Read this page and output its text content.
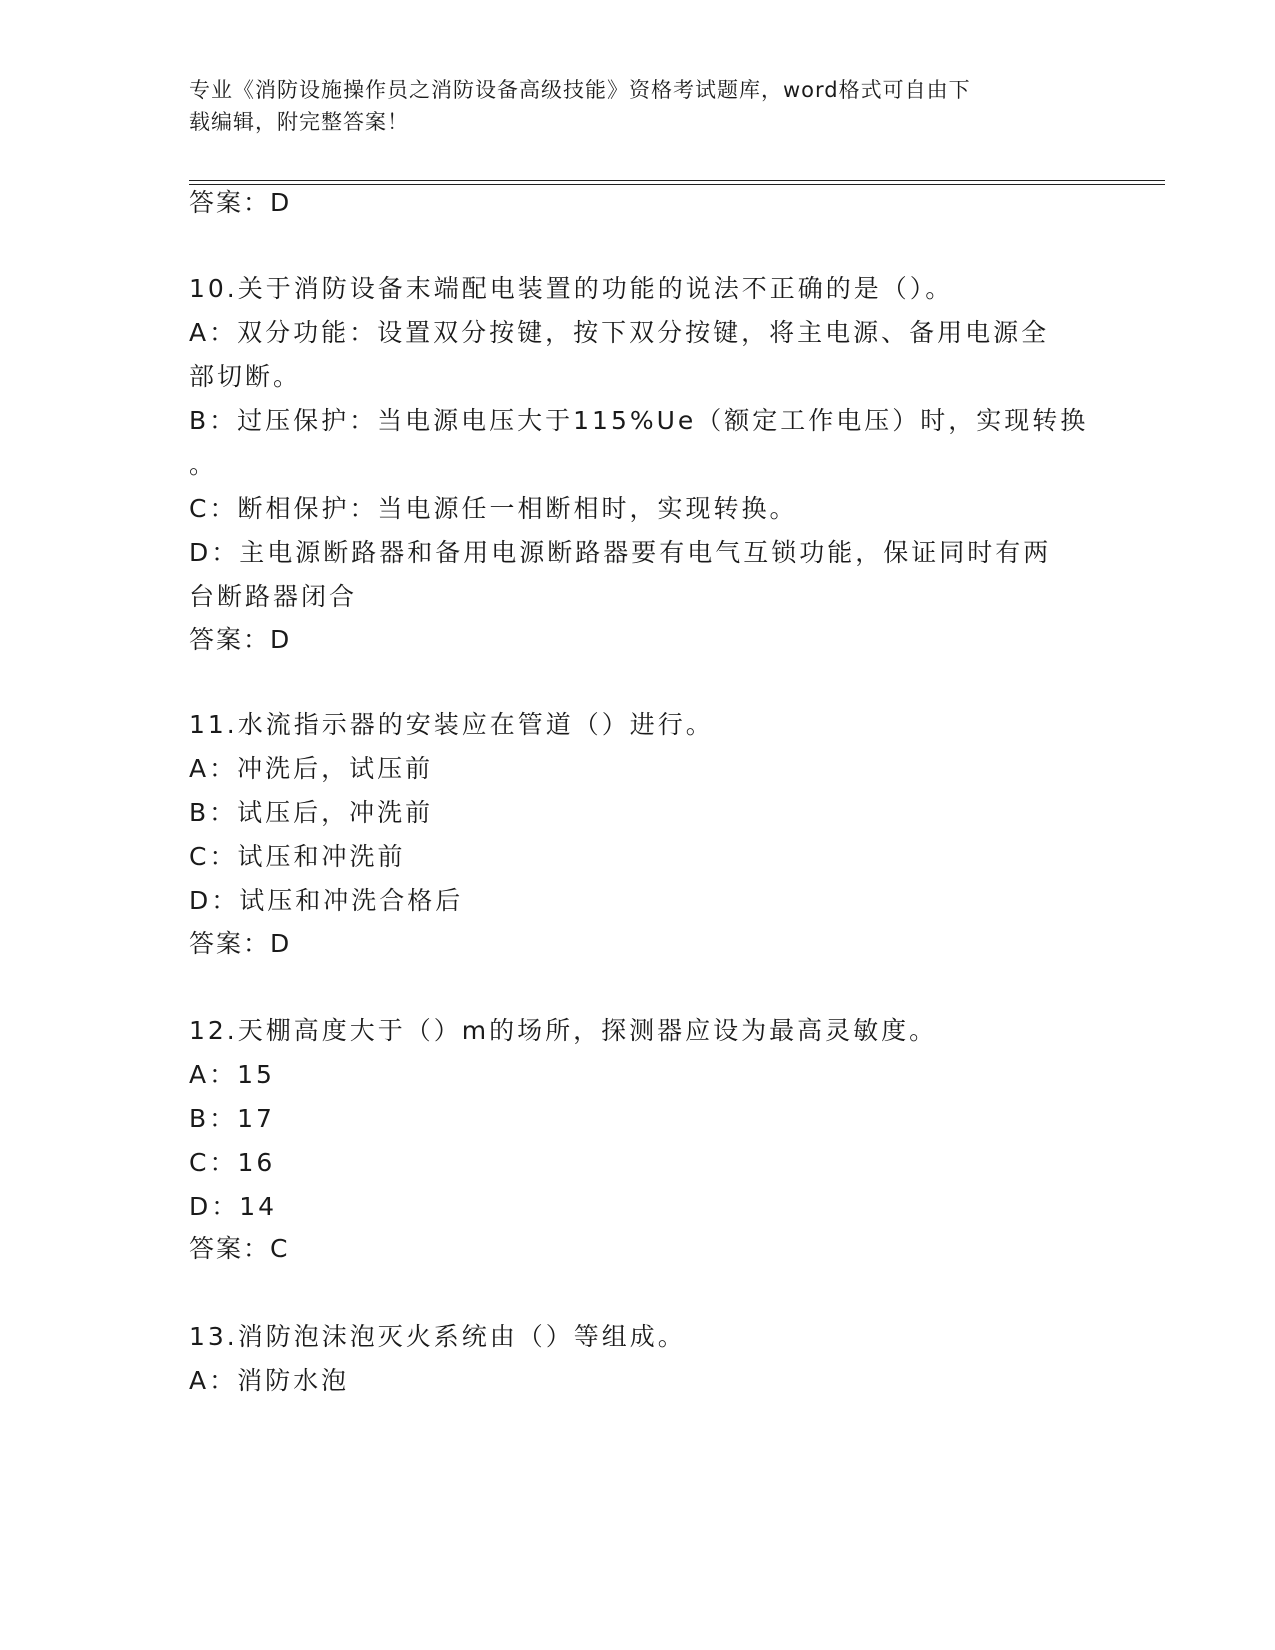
专业《消防设施操作员之消防设备高级技能》资格考试题库，word格式可自由下
载编辑，附完整答案！
答案：D
10.关于消防设备末端配电装置的功能的说法不正确的是（）。
A：双分功能：设置双分按键，按下双分按键，将主电源、备用电源全
部切断。
B：过压保护：当电源电压大于115%Ue（额定工作电压）时，实现转换
。
C：断相保护：当电源任一相断相时，实现转换。
D：主电源断路器和备用电源断路器要有电气互锁功能，保证同时有两
台断路器闭合
答案：D
11.水流指示器的安装应在管道（）进行。
A：冲洗后，试压前
B：试压后，冲洗前
C：试压和冲洗前
D：试压和冲洗合格后
答案：D
12.天棚高度大于（）m的场所，探测器应设为最高灵敏度。
A：15
B：17
C：16
D：14
答案：C
13.消防泡沫泡灭火系统由（）等组成。
A：消防水泡
